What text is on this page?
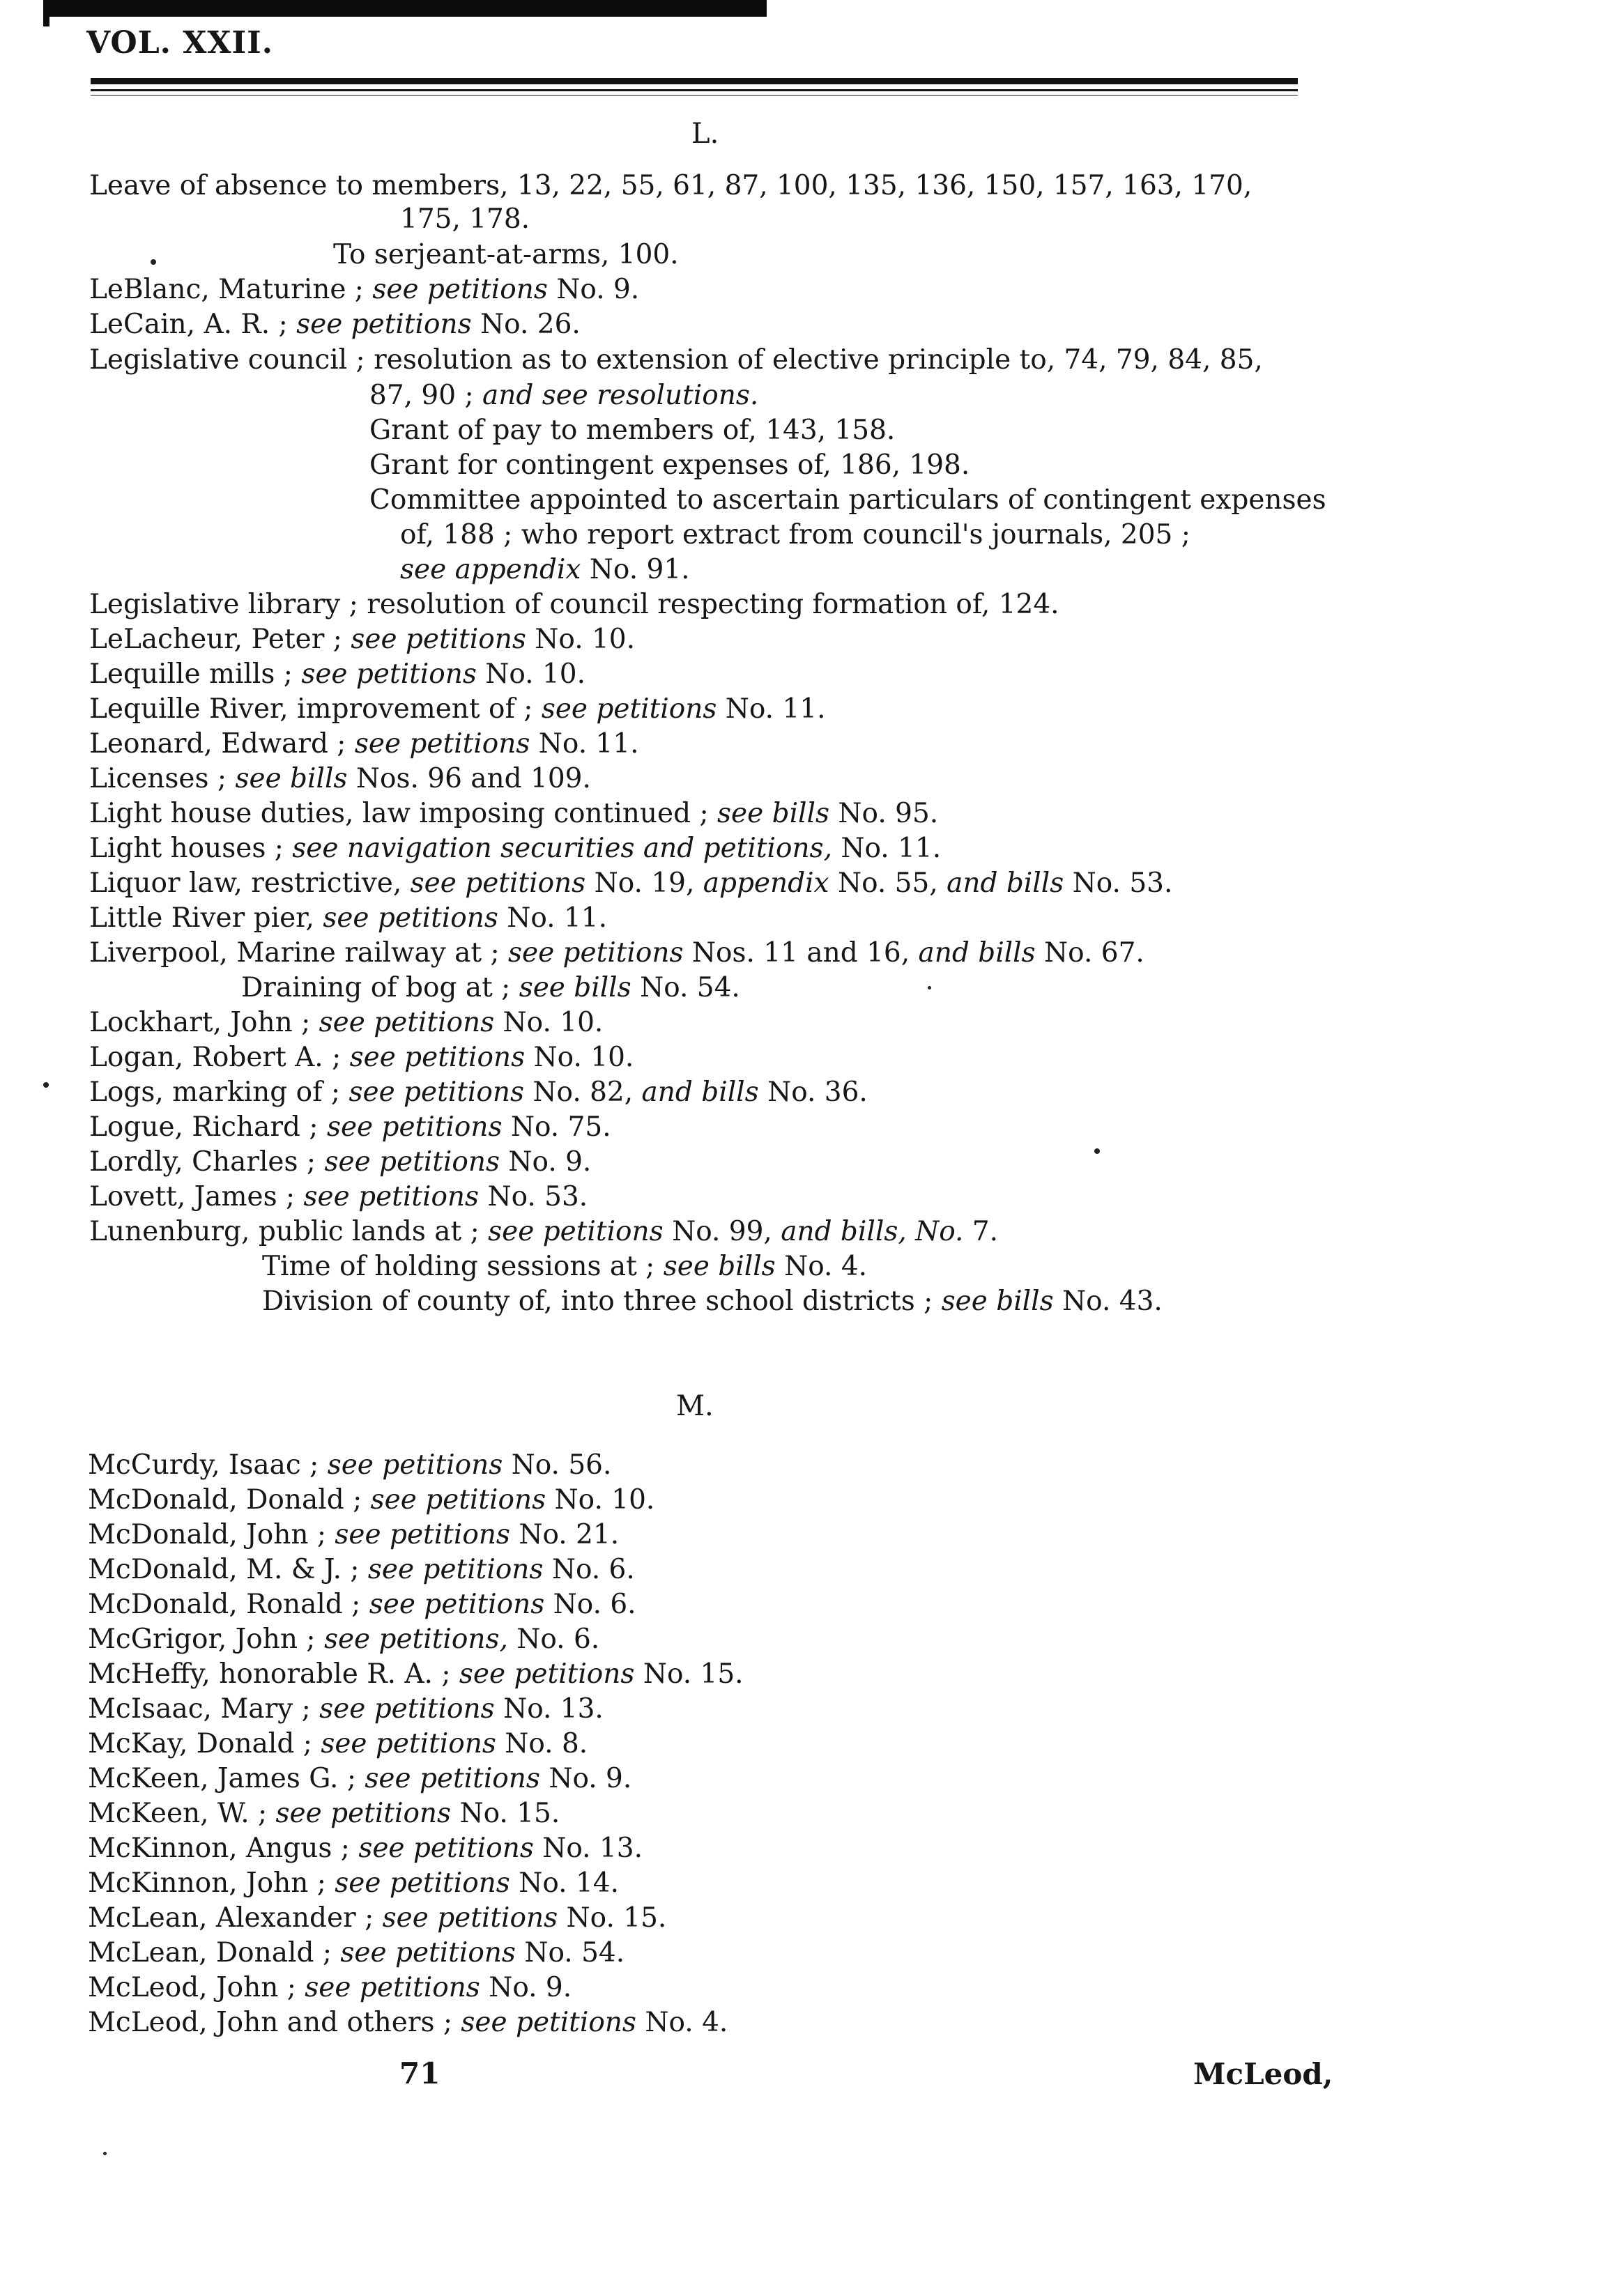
VOL. XXII.
L.
Leave of absence to members, 13, 22, 55, 61, 87, 100, 135, 136, 150, 157, 163, 170,
175, 178.
To serjeant-at-arms, 100.
LeBlanc, Maturine ; see petitions No. 9.
LeCain, A. R. ; see petitions No. 26.
Legislative council ; resolution as to extension of elective principle to, 74, 79, 84, 85,
87, 90 ; and see resolutions.
Grant of pay to members of, 143, 158.
Grant for contingent expenses of, 186, 198.
Committee appointed to ascertain particulars of contingent expenses
of, 188 ; who report extract from council's journals, 205 ;
see appendix No. 91.
Legislative library ; resolution of council respecting formation of, 124.
LeLacheur, Peter ; see petitions No. 10.
Lequille mills ; see petitions No. 10.
Lequille River, improvement of ; see petitions No. 11.
Leonard, Edward ; see petitions No. 11.
Licenses ; see bills Nos. 96 and 109.
Light house duties, law imposing continued ; see bills No. 95.
Light houses ; see navigation securities and petitions, No. 11.
Liquor law, restrictive, see petitions No. 19, appendix No. 55, and bills No. 53.
Little River pier, see petitions No. 11.
Liverpool, Marine railway at ; see petitions Nos. 11 and 16, and bills No. 67.
Draining of bog at ; see bills No. 54.
Lockhart, John ; see petitions No. 10.
Logan, Robert A. ; see petitions No. 10.
Logs, marking of ; see petitions No. 82, and bills No. 36.
Logue, Richard ; see petitions No. 75.
Lordly, Charles ; see petitions No. 9.
Lovett, James ; see petitions No. 53.
Lunenburg, public lands at ; see petitions No. 99, and bills, No. 7.
Time of holding sessions at ; see bills No. 4.
Division of county of, into three school districts ; see bills No. 43.
M.
McCurdy, Isaac ; see petitions No. 56.
McDonald, Donald ; see petitions No. 10.
McDonald, John ; see petitions No. 21.
McDonald, M. & J. ; see petitions No. 6.
McDonald, Ronald ; see petitions No. 6.
McGrigor, John ; see petitions, No. 6.
McHeffy, honorable R. A. ; see petitions No. 15.
McIsaac, Mary ; see petitions No. 13.
McKay, Donald ; see petitions No. 8.
McKeen, James G. ; see petitions No. 9.
McKeen, W. ; see petitions No. 15.
McKinnon, Angus ; see petitions No. 13.
McKinnon, John ; see petitions No. 14.
McLean, Alexander ; see petitions No. 15.
McLean, Donald ; see petitions No. 54.
McLeod, John ; see petitions No. 9.
McLeod, John and others ; see petitions No. 4.
71	McLeod,
